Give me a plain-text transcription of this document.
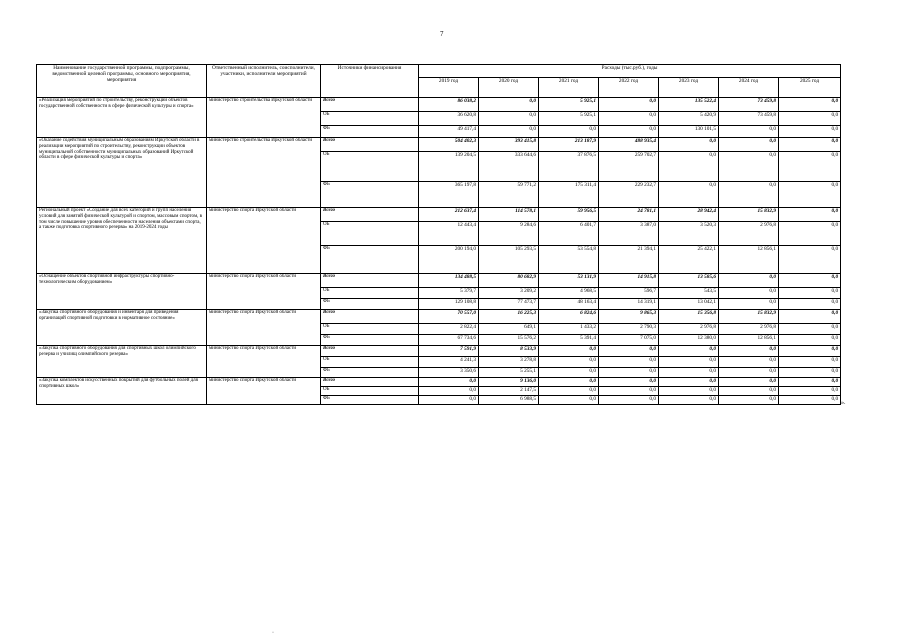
7
Наименование государственной программы, подпрограммы, ведомственной целевой программы, основного мероприятия, мероприятия	Ответственный исполнитель, соисполнители, участники, исполнители мероприятий	Источники финансирования	Расходы (тыс.руб.), годы						
			2019 год	2020 год	2021 год	2022 год	2023 год	2024 год	2025 год
«Реализация мероприятий по строительству, реконструкции объектов государственной собственности в сфере физической культуры и спорта»	министерство строительства Иркутской области	Всего	86 038,2	0,0	5 925,1	0,0	135 522,4	73 459,8	0,0
		ОБ	36 620,8	0,0	5 925,1	0,0	5 420,9	73 459,8	0,0
		ФБ	49 417,4	0,0	0,0	0,0	130 101,5	0,0	0,0
«Оказание содействия муниципальным образованиям Иркутской области в реализации мероприятий по строительству, реконструкции объектов муниципальной собственности муниципальных образований Иркутской области в сфере физической культуры и спорта»	министерство строительства Иркутской области	Всего	504 402,3	393 415,8	213 187,9	488 935,4	0,0	0,0	0,0
		ОБ	139 204,5	333 644,6	37 876,5	259 702,7	0,0	0,0	0,0
		ФБ	365 197,8	59 771,2	175 311,4	229 232,7	0,0	0,0	0,0
Региональный проект «Создание для всех категорий и групп населения условий для занятий физической культурой и спортом, массовым спортом, в том числе повышение уровня обеспеченности населения объектами спорта, а также подготовка спортивного резерва» на 2019-2024 годы	министерство спорта Иркутской области	Всего	212 637,4	114 578,1	59 956,5	24 781,1	28 942,4	15 832,9	0,0
		ОБ	12 443,4	9 284,6	6 401,7	3 387,0	3 520,3	2 976,8	0,0
		ФБ	200 194,0	105 293,5	53 554,8	21 394,1	25 422,1	12 856,1	0,0
«Оснащение объектов спортивной инфраструктуры спортивно-технологическим оборудованием»	министерство спорта Иркутской области	Всего	134 488,5	80 682,9	53 131,9	14 915,8	13 585,6	0,0	0,0
		ОБ	5 379,7	3 209,2	4 968,5	596,7	543,5	0,0	0,0
		ФБ	129 108,8	77 473,7	48 163,4	14 319,1	13 042,1	0,0	0,0
«Закупка спортивного оборудования и инвентаря для приведения организаций спортивной подготовки в нормативное состояние»	министерство спорта Иркутской области	Всего	70 557,0	16 225,3	6 824,6	9 865,3	15 356,8	15 832,9	0,0
		ОБ	2 822,4	649,1	1 433,2	2 790,3	2 976,8	2 976,8	0,0
		ФБ	67 734,6	15 576,2	5 391,4	7 075,0	12 380,0	12 856,1	0,0
«Закупка спортивного оборудования для спортивных школ олимпийского резерва и училищ олимпийского резерва»	министерство спорта Иркутской области	Всего	7 591,9	8 533,9	0,0	0,0	0,0	0,0	0,0
		ОБ	4 241,3	3 278,8	0,0	0,0	0,0	0,0	0,0
		ФБ	3 350,6	5 255,1	0,0	0,0	0,0	0,0	0,0
«Закупка комплектов искусственных покрытий для футбольных полей для спортивных школ»	министерство спорта Иркутской области	Всего	0,0	9 136,0	0,0	0,0	0,0	0,0	0,0
		ОБ	0,0	2 147,5	0,0	0,0	0,0	0,0	0,0
		ФБ	0,0	6 988,5	0,0	0,0	0,0	0,0	0,0
».
·
